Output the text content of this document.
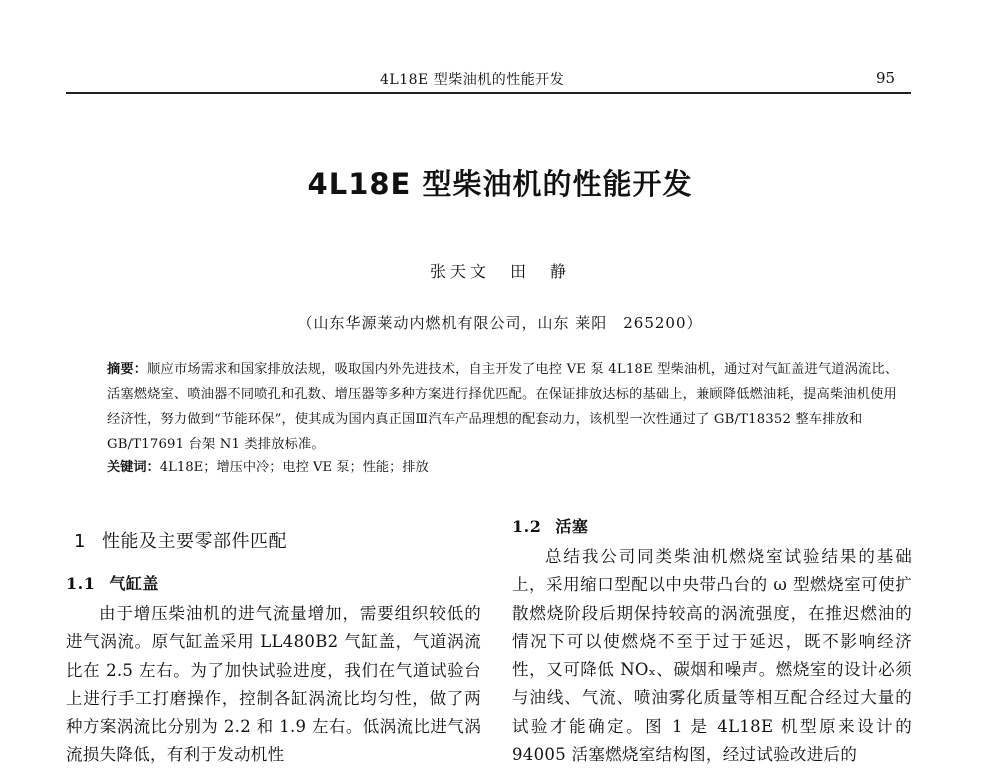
4L18E 型柴油机的性能开发	95
4L18E 型柴油机的性能开发
张天文　田　静
（山东华源莱动内燃机有限公司，山东 莱阳　265200）

摘要：顺应市场需求和国家排放法规，吸取国内外先进技术，自主开发了电控 VE 泵 4L18E 型柴油机，通过对气缸盖进气道涡流比、活塞燃烧室、喷油器不同喷孔和孔数、增压器等多种方案进行择优匹配。在保证排放达标的基础上，兼顾降低燃油耗，提高柴油机使用经济性，努力做到“节能环保”，使其成为国内真正国Ⅲ汽车产品理想的配套动力，该机型一次性通过了 GB/T18352 整车排放和 GB/T17691 台架 N1 类排放标准。

关键词：4L18E；增压中冷；电控 VE 泵；性能；排放
1 性能及主要零部件匹配
1.1 气缸盖

由于增压柴油机的进气流量增加，需要组织较低的进气涡流。原气缸盖采用 LL480B2 气缸盖，气道涡流比在 2.5 左右。为了加快试验进度，我们在气道试验台上进行手工打磨操作，控制各缸涡流比均匀性，做了两种方案涡流比分别为 2.2 和 1.9 左右。低涡流比进气涡流损失降低，有利于发动机性

1.2 活塞

总结我公司同类柴油机燃烧室试验结果的基础上，采用缩口型配以中央带凸台的 ω 型燃烧室可使扩散燃烧阶段后期保持较高的涡流强度，在推迟燃油的情况下可以使燃烧不至于过于延迟，既不影响经济性，又可降低 NOₓ、碳烟和噪声。燃烧室的设计必须与油线、气流、喷油雾化质量等相互配合经过大量的试验才能确定。图 1 是 4L18E 机型原来设计的 94005 活塞燃烧室结构图，经过试验改进后的
